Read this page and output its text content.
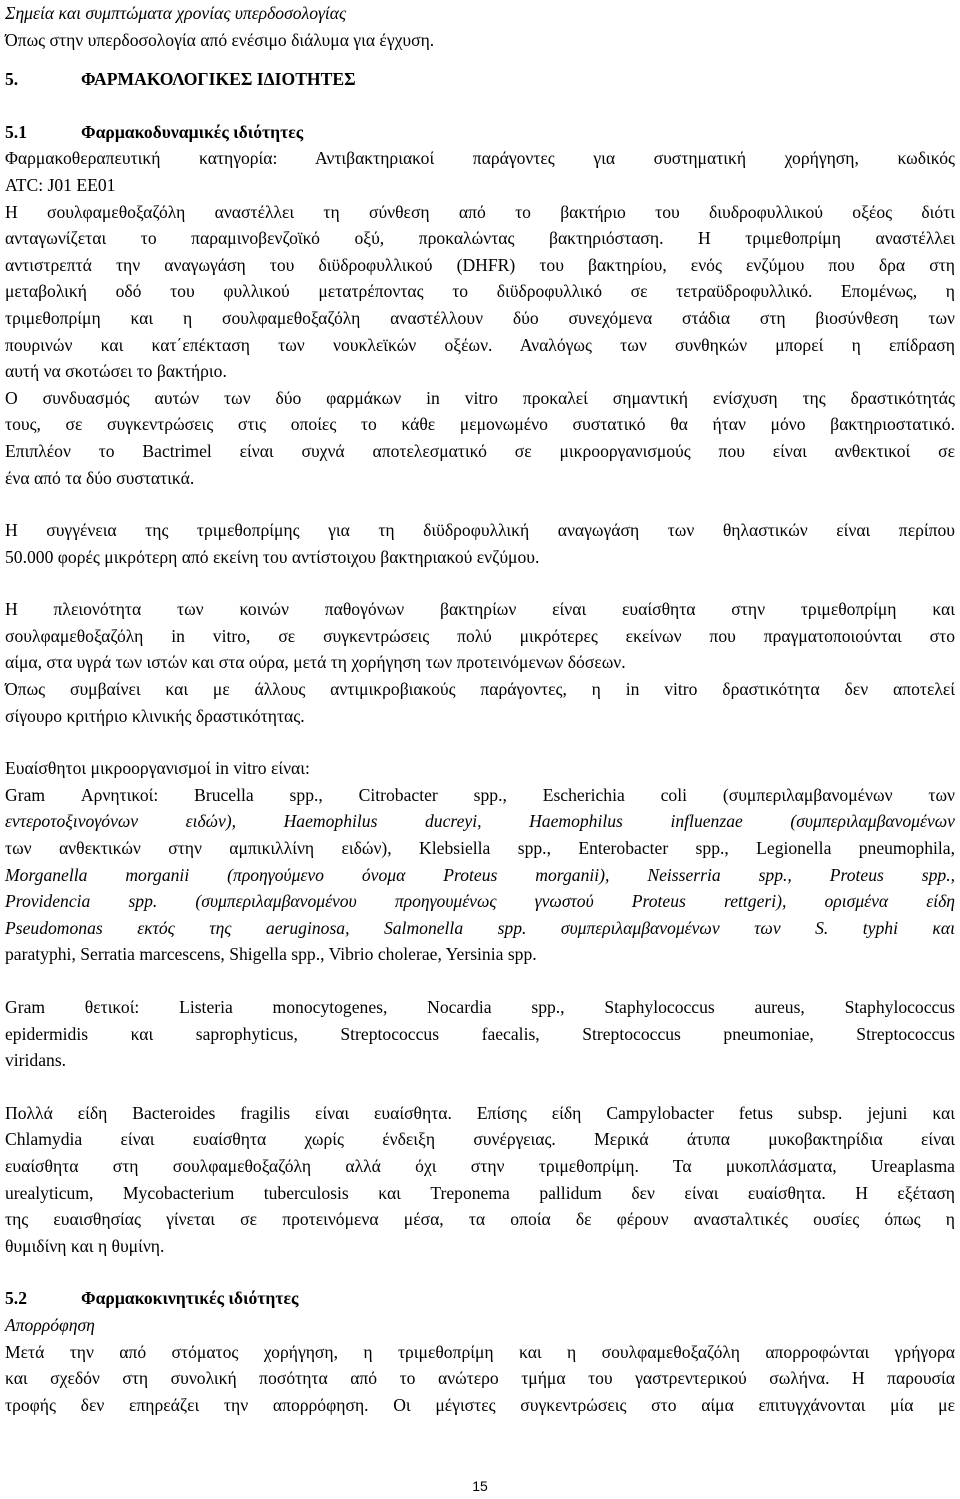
Σημεία και συμπτώματα χρονίας υπερδοσολογίας
Όπως στην υπερδοσολογία από ενέσιμο διάλυμα για έγχυση.
5.	ΦΑΡΜΑΚΟΛΟΓΙΚΕΣ ΙΔΙΟΤΗΤΕΣ
5.1	Φαρμακοδυναμικές ιδιότητες
Φαρμακοθεραπευτική κατηγορία: Αντιβακτηριακοί παράγοντες για συστηματική χορήγηση, κωδικός
ATC: J01 EE01
Η σουλφαμεθοξαζόλη αναστέλλει τη σύνθεση από το βακτήριο του διυδροφυλλικού οξέος διότι
ανταγωνίζεται το παραμινοβενζοϊκό οξύ, προκαλώντας βακτηριόσταση. Η τριμεθοπρίμη αναστέλλει
αντιστρεπτά την αναγωγάση του διϋδροφυλλικού (DHFR) του βακτηρίου, ενός ενζύμου που δρα στη
μεταβολική οδό του φυλλικού μετατρέποντας το διϋδροφυλλικό σε τετραϋδροφυλλικό. Επομένως, η
τριμεθοπρίμη και η σουλφαμεθοξαζόλη αναστέλλουν δύο συνεχόμενα στάδια στη βιοσύνθεση των
πουρινών και κατ΄επέκταση των νουκλεϊκών οξέων. Αναλόγως των συνθηκών μπορεί η επίδραση
αυτή να σκοτώσει το βακτήριο.
Ο συνδυασμός αυτών των δύο φαρμάκων in vitro προκαλεί σημαντική ενίσχυση της δραστικότητάς
τους, σε συγκεντρώσεις στις οποίες το κάθε μεμονωμένο συστατικό θα ήταν μόνο βακτηριοστατικό.
Επιπλέον το Bactrimel είναι συχνά αποτελεσματικό σε μικροοργανισμούς που είναι ανθεκτικοί σε
ένα από τα δύο συστατικά.
Η συγγένεια της τριμεθοπρίμης για τη διϋδροφυλλική αναγωγάση των θηλαστικών είναι περίπου
50.000 φορές μικρότερη από εκείνη του αντίστοιχου βακτηριακού ενζύμου.
Η πλειονότητα των κοινών παθογόνων βακτηρίων είναι ευαίσθητα στην τριμεθοπρίμη και
σουλφαμεθοξαζόλη in vitro, σε συγκεντρώσεις πολύ μικρότερες εκείνων που πραγματοποιούνται στο
αίμα, στα υγρά των ιστών και στα ούρα, μετά τη χορήγηση των προτεινόμενων δόσεων.
Όπως συμβαίνει και με άλλους αντιμικροβιακούς παράγοντες, η in vitro δραστικότητα δεν αποτελεί
σίγουρο κριτήριο κλινικής δραστικότητας.
Ευαίσθητοι μικροοργανισμοί in vitro είναι:
Gram Αρνητικοί: Brucella spp., Citrobacter spp., Escherichia coli (συμπεριλαμβανομένων των
εντεροτοξινογόνων ειδών), Haemophilus ducreyi, Haemophilus influenzae (συμπεριλαμβανομένων
των ανθεκτικών στην αμπικιλλίνη ειδών), Klebsiella spp., Enterobacter spp., Legionella pneumophila,
Morganella morganii (προηγούμενο όνομα Proteus morganii), Neisserria spp., Proteus spp.,
Providencia spp. (συμπεριλαμβανομένου προηγουμένως γνωστού Proteus rettgeri), ορισμένα είδη
Pseudomonas εκτός της aeruginosa, Salmonella spp. συμπεριλαμβανομένων των S. typhi και
paratyphi, Serratia marcescens, Shigella spp., Vibrio cholerae, Yersinia spp.
Gram θετικοί: Listeria monocytogenes, Nocardia spp., Staphylococcus aureus, Staphylococcus
epidermidis και saprophyticus, Streptococcus faecalis, Streptococcus pneumoniae, Streptococcus
viridans.
Πολλά είδη Bacteroides fragilis είναι ευαίσθητα. Επίσης είδη Campylobacter fetus subsp. jejuni και
Chlamydia είναι ευαίσθητα χωρίς ένδειξη συνέργειας. Μερικά άτυπα μυκοβακτηρίδια είναι
ευαίσθητα στη σουλφαμεθοξαζόλη αλλά όχι στην τριμεθοπρίμη. Τα μυκοπλάσματα, Ureaplasma
urealyticum, Mycobacterium tuberculosis και Treponema pallidum δεν είναι ευαίσθητα. Η εξέταση
της ευαισθησίας γίνεται σε προτεινόμενα μέσα, τα οποία δε φέρουν αναστaλτικές ουσίες όπως η
θυμιδίνη και η θυμίνη.
5.2	Φαρμακοκινητικές ιδιότητες
Απορρόφηση
Μετά την από στόματος χορήγηση, η τριμεθοπρίμη και η σουλφαμεθοξαζόλη απορροφώνται γρήγορα
και σχεδόν στη συνολική ποσότητα από το ανώτερο τμήμα του γαστρεντερικού σωλήνα. Η παρουσία
τροφής δεν επηρεάζει την απορρόφηση. Οι μέγιστες συγκεντρώσεις στο αίμα επιτυγχάνονται μία με
15
